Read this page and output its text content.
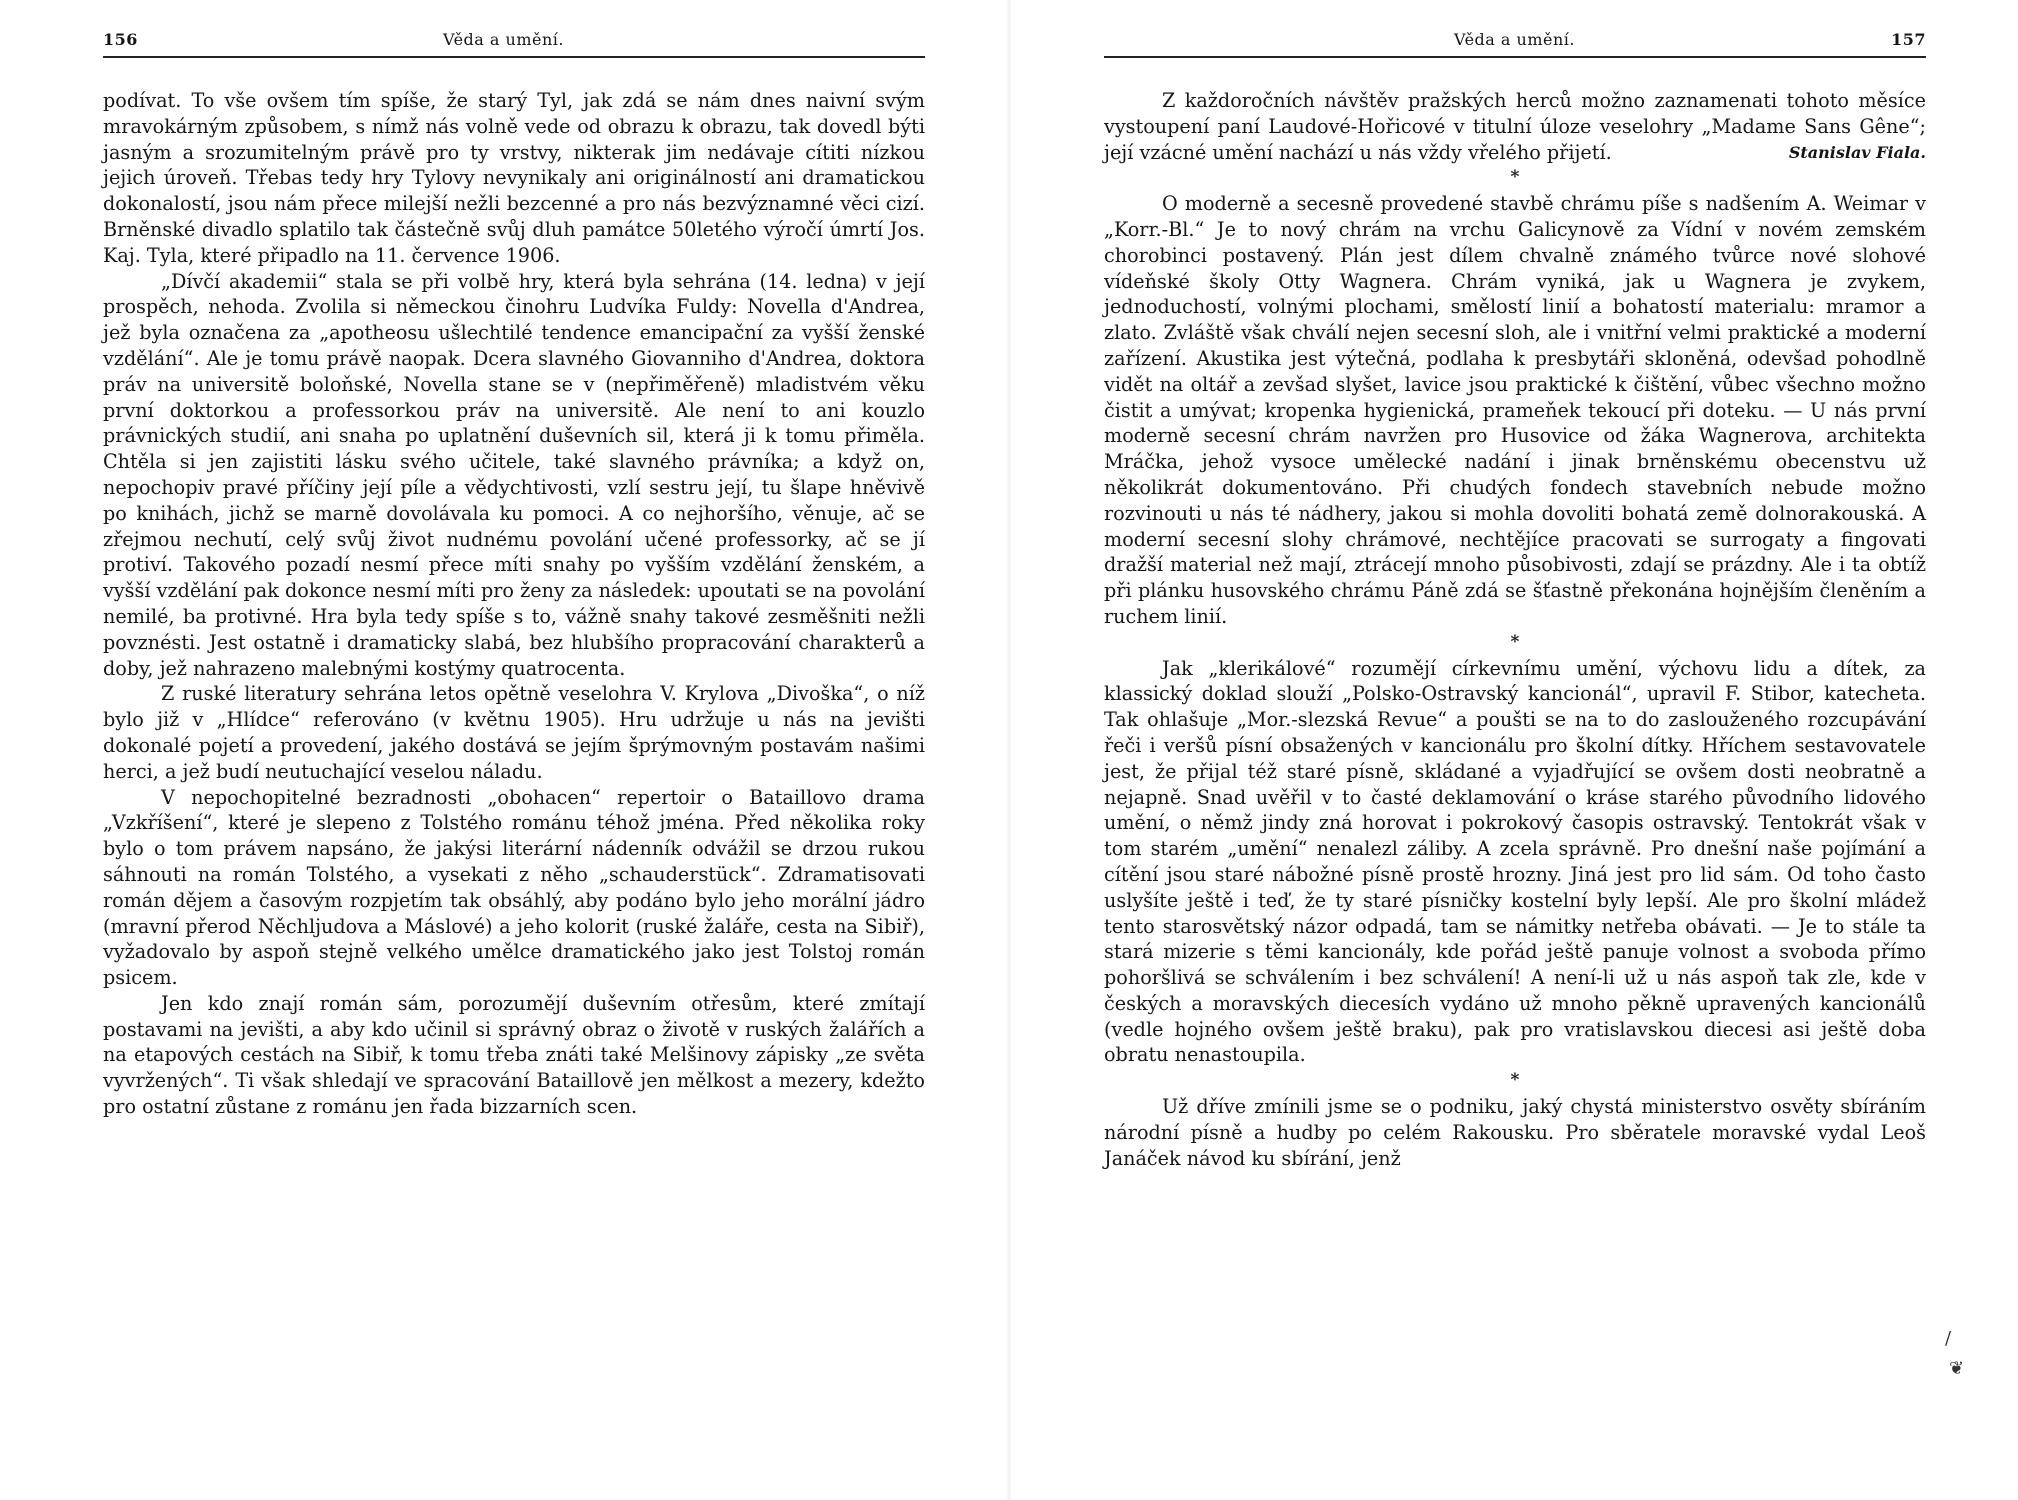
156	Věda a umění.

podívat. To vše ovšem tím spíše, že starý Tyl, jak zdá se nám dnes naivní svým mravokárným způsobem, s nímž nás volně vede od obrazu k obrazu, tak dovedl býti jasným a srozumitelným právě pro ty vrstvy, nikterak jim nedávaje cítiti nízkou jejich úroveň. Třebas tedy hry Tylovy nevynikaly ani originálností ani dramatickou dokonalostí, jsou nám přece milejší nežli bezcenné a pro nás bezvýznamné věci cizí. Brněnské divadlo splatilo tak částečně svůj dluh památce 50letého výročí úmrtí Jos. Kaj. Tyla, které připadlo na 11. července 1906.

„Dívčí akademii“ stala se při volbě hry, která byla sehrána (14. ledna) v její prospěch, nehoda. Zvolila si německou činohru Ludvíka Fuldy: Novella d'Andrea, jež byla označena za „apotheosu ušlechtilé tendence emancipační za vyšší ženské vzdělání“. Ale je tomu právě naopak. Dcera slavného Giovanniho d'Andrea, doktora práv na universitě boloňské, Novella stane se v (nepřiměřeně) mladistvém věku první doktorkou a professorkou práv na universitě. Ale není to ani kouzlo právnických studií, ani snaha po uplatnění duševních sil, která ji k tomu přiměla. Chtěla si jen zajistiti lásku svého učitele, také slavného právníka; a když on, nepochopiv pravé příčiny její píle a vědychtivosti, vzlí sestru její, tu šlape hněvivě po knihách, jichž se marně dovolávala ku pomoci. A co nejhoršího, věnuje, ač se zřejmou nechutí, celý svůj život nudnému povolání učené professorky, ač se jí protiví. Takového pozadí nesmí přece míti snahy po vyšším vzdělání ženském, a vyšší vzdělání pak dokonce nesmí míti pro ženy za následek: upoutati se na povolání nemilé, ba protivné. Hra byla tedy spíše s to, vážně snahy takové zesměšniti nežli povznésti. Jest ostatně i dramaticky slabá, bez hlubšího propracování charakterů a doby, jež nahrazeno malebnými kostýmy quatrocenta.

Z ruské literatury sehrána letos opětně veselohra V. Krylova „Divoška“, o níž bylo již v „Hlídce“ referováno (v květnu 1905). Hru udržuje u nás na jevišti dokonalé pojetí a provedení, jakého dostává se jejím šprýmovným postavám našimi herci, a jež budí neutuchající veselou náladu.

V nepochopitelné bezradnosti „obohacen“ repertoir o Bataillovo drama „Vzkříšení“, které je slepeno z Tolstého románu téhož jména. Před několika roky bylo o tom právem napsáno, že jakýsi literární nádenník odvážil se drzou rukou sáhnouti na román Tolstého, a vysekati z něho „schauderstück“. Zdramatisovati román dějem a časovým rozpjetím tak obsáhlý, aby podáno bylo jeho morální jádro (mravní přerod Něchljudova a Máslové) a jeho kolorit (ruské žaláře, cesta na Sibiř), vyžadovalo by aspoň stejně velkého umělce dramatického jako jest Tolstoj román psicem.

Jen kdo znají román sám, porozumějí duševním otřesům, které zmítají postavami na jevišti, a aby kdo učinil si správný obraz o životě v ruských žalářích a na etapových cestách na Sibiř, k tomu třeba znáti také Melšinovy zápisky „ze světa vyvržených“. Ti však shledají ve spracování Bataillově jen mělkost a mezery, kdežto pro ostatní zůstane z románu jen řada bizzarních scen.

Věda a umění.	157

Z každoročních návštěv pražských herců možno zaznamenati tohoto měsíce vystoupení paní Laudové-Hořicové v titulní úloze veselohry „Madame Sans Gêne“; její vzácné umění nachází u nás vždy vřelého přijetí.	Stanislav Fiala.

*

O moderně a secesně provedené stavbě chrámu píše s nadšením A. Weimar v „Korr.-Bl.“ Je to nový chrám na vrchu Galicynově za Vídní v novém zemském chorobinci postavený. Plán jest dílem chvalně známého tvůrce nové slohové vídeňské školy Otty Wagnera. Chrám vyniká, jak u Wagnera je zvykem, jednoduchostí, volnými plochami, smělostí linií a bohatostí materialu: mramor a zlato. Zvláště však chválí nejen secesní sloh, ale i vnitřní velmi praktické a moderní zařízení. Akustika jest výtečná, podlaha k presbytáři skloněná, odevšad pohodlně vidět na oltář a zevšad slyšet, lavice jsou praktické k čištění, vůbec všechno možno čistit a umývat; kropenka hygienická, prameňek tekoucí při doteku. — U nás první moderně secesní chrám navržen pro Husovice od žáka Wagnerova, architekta Mráčka, jehož vysoce umělecké nadání i jinak brněnskému obecenstvu už několikrát dokumentováno. Při chudých fondech stavebních nebude možno rozvinouti u nás té nádhery, jakou si mohla dovoliti bohatá země dolnorakouská. A moderní secesní slohy chrámové, nechtějíce pracovati se surrogaty a fingovati dražší material než mají, ztrácejí mnoho působivosti, zdají se prázdny. Ale i ta obtíž při plánku husovského chrámu Páně zdá se šťastně překonána hojnějším členěním a ruchem linií.

*

Jak „klerikálové“ rozumějí církevnímu umění, výchovu lidu a dítek, za klassický doklad slouží „Polsko-Ostravský kancionál“, upravil F. Stibor, katecheta. Tak ohlašuje „Mor.-slezská Revue“ a poušti se na to do zaslouženého rozcupávání řeči i veršů písní obsažených v kancionálu pro školní dítky. Hříchem sestavovatele jest, že přijal též staré písně, skládané a vyjadřující se ovšem dosti neobratně a nejapně. Snad uvěřil v to časté deklamování o kráse starého původního lidového umění, o němž jindy zná horovat i pokrokový časopis ostravský. Tentokrát však v tom starém „umění“ nenalezl záliby. A zcela správně. Pro dnešní naše pojímání a cítění jsou staré nábožné písně prostě hrozny. Jiná jest pro lid sám. Od toho často uslyšíte ještě i teď, že ty staré písničky kostelní byly lepší. Ale pro školní mládež tento starosvětský názor odpadá, tam se námitky netřeba obávati. — Je to stále ta stará mizerie s těmi kancionály, kde pořád ještě panuje volnost a svoboda přímo pohoršlivá se schválením i bez schválení! A není-li už u nás aspoň tak zle, kde v českých a moravských diecesích vydáno už mnoho pěkně upravených kancionálů (vedle hojného ovšem ještě braku), pak pro vratislavskou diecesi asi ještě doba obratu nenastoupila.

*

Už dříve zmínili jsme se o podniku, jaký chystá ministerstvo osvěty sbíráním národní písně a hudby po celém Rakousku. Pro sběratele moravské vydal Leoš Janáček návod ku sbírání, jenž

/
❦
